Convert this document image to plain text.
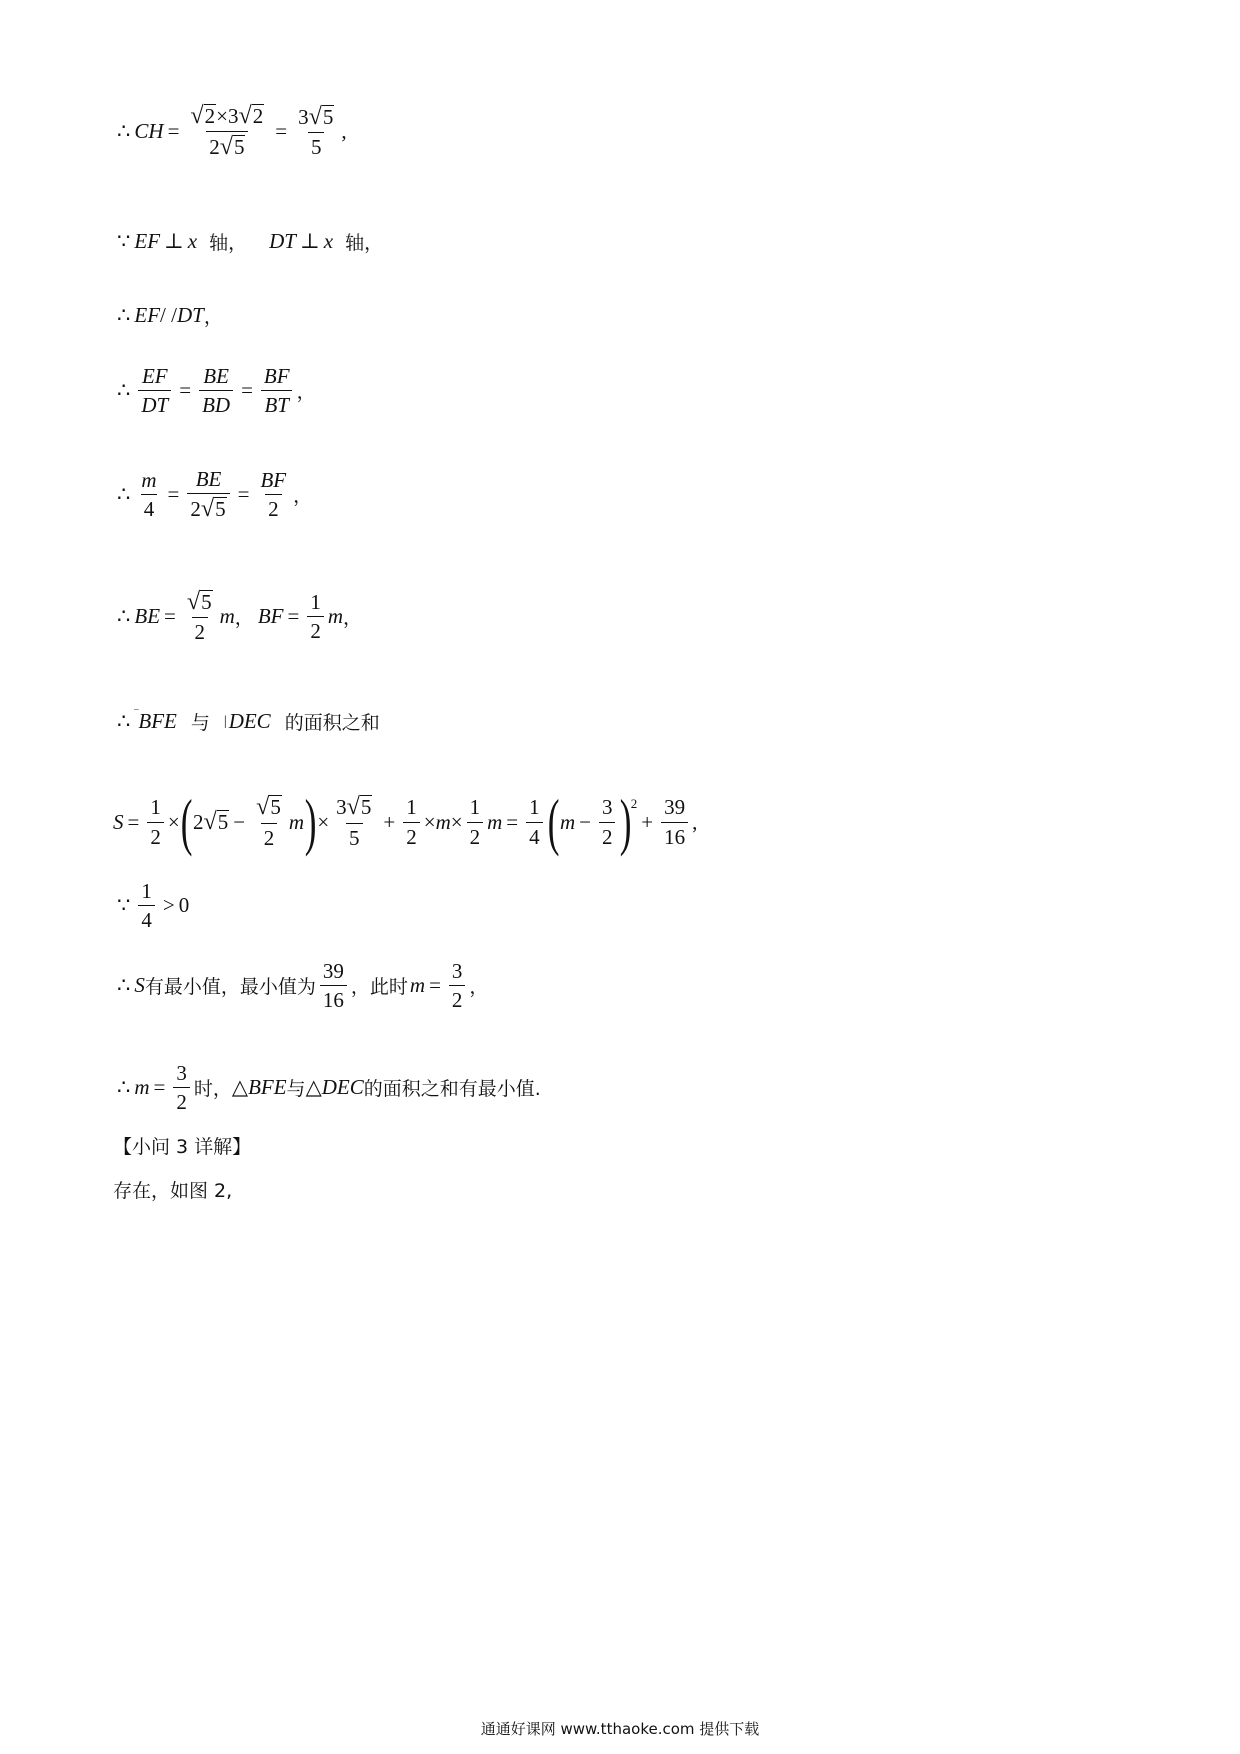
∴ CH = $\frac{√ 2 \times 3 √ 2}{2 √ 5} = \frac{3 √ 5}{5}$ ,
∵ EF ⊥ x 轴， DT ⊥ x 轴，
∴ EF / / DT ，
∴ $\frac{EF}{DT} = \frac{BE}{BD} = \frac{BF}{BT}$ ，
∴ $\frac{m}{4} = \frac{BE}{2 √ 5} = \frac{BF}{2}$ ，
∴ BE = $\frac{√ 5}{2}$ m ， BF = $\frac{1}{2}$ m ，
∴ ‾ BFE 与 | DEC 的面积之和
$S = \frac{1}{2}$ × ( 2 √ $5 - \frac{√ 5}{2}$ m ) × $\frac{3 √ 5}{5} + \frac{1}{2} \times m \times \frac{1}{2}$ $m = \frac{1}{4}$ ( $m - \frac{3}{2}$ )
2
+ $\frac{39}{16}$ ,
∵ $\frac{1}{4} > 0$
∴ S 有最小值，最小值为 $\frac{39}{16}$ ，此时 $m = \frac{3}{2}$ ，
∴ $m = \frac{3}{2}$ 时， △ BFE 与 △ DEC 的面积之和有最小值.
【小问 3 详解】
存在，如图 2,
通通好课网 www.tthaoke.com 提供下载
